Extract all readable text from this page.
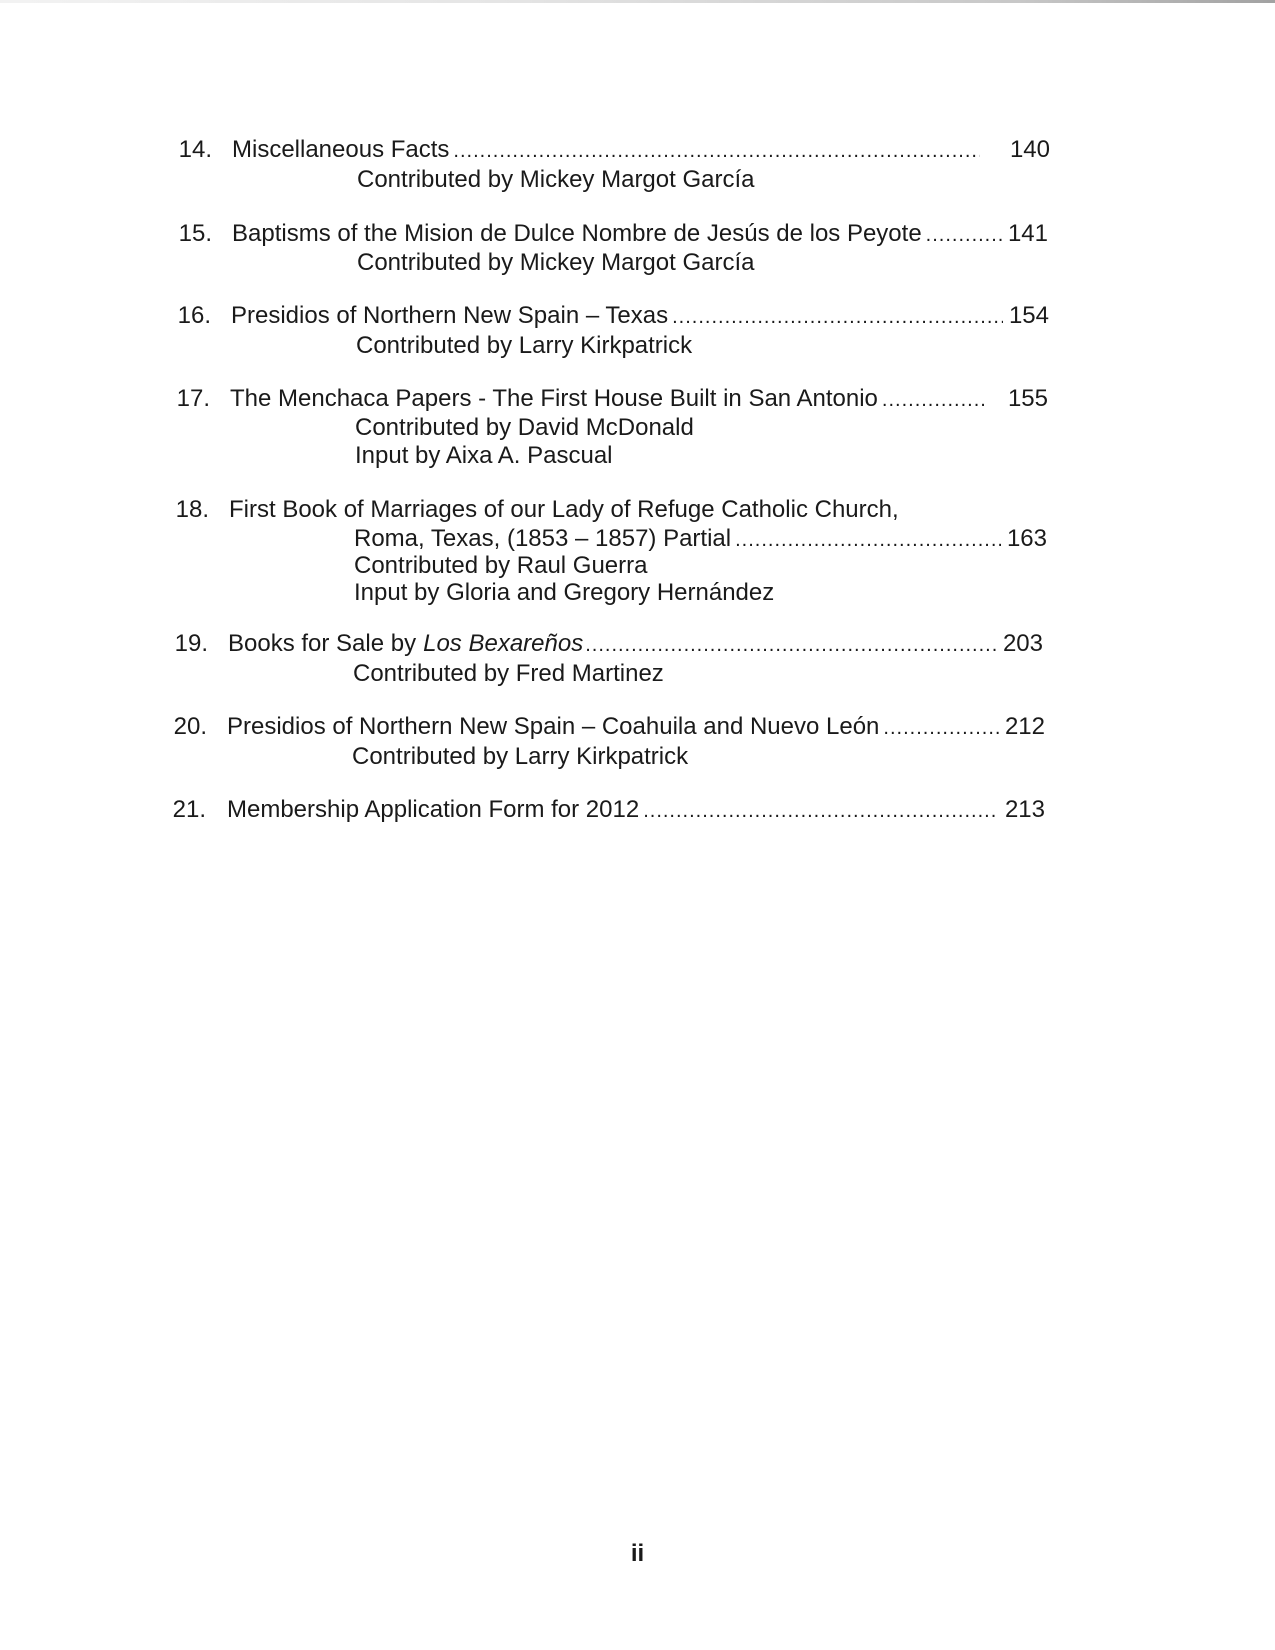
14. Miscellaneous Facts .....	140
Contributed by Mickey Margot García
15. Baptisms of the Mision de Dulce Nombre de Jesús de los Peyote .....	141
Contributed by Mickey Margot García
16. Presidios of Northern New Spain – Texas .....	154
Contributed by Larry Kirkpatrick
17. The Menchaca Papers - The First House Built in San Antonio .....	155
Contributed by David McDonald
Input by Aixa A. Pascual
18. First Book of Marriages of our Lady of Refuge Catholic Church,
Roma, Texas, (1853 – 1857) Partial .....	163
Contributed by Raul Guerra
Input by Gloria and Gregory Hernández
19. Books for Sale by Los Bexareños .....	203
Contributed by Fred Martinez
20. Presidios of Northern New Spain – Coahuila and Nuevo León .....	212
Contributed by Larry Kirkpatrick
21. Membership Application Form for 2012 .....	213
ii
